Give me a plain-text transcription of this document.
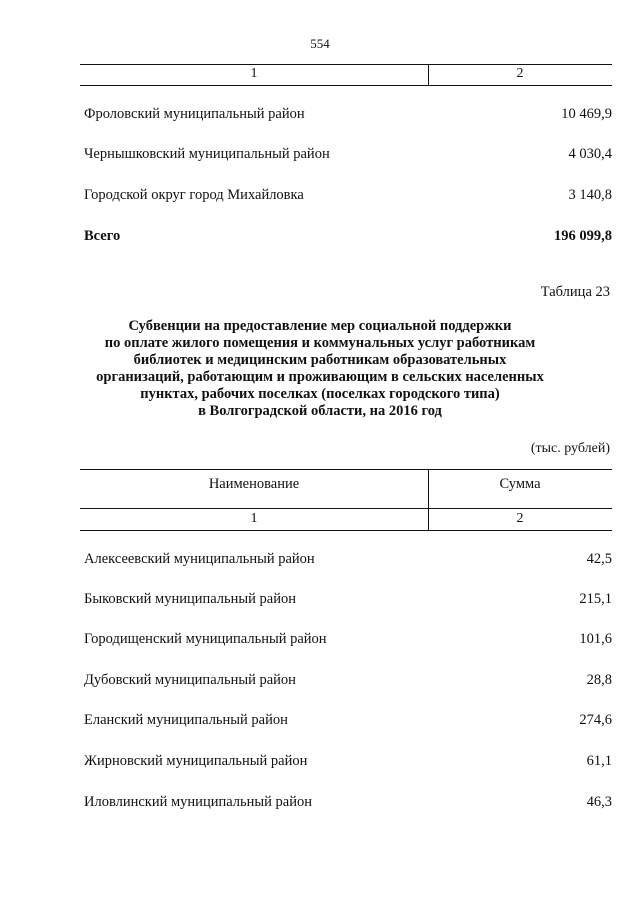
554
1	2
Фроловский муниципальный район	10 469,9
Чернышковский муниципальный район	4 030,4
Городской округ город Михайловка	3 140,8
Всего	196 099,8
Таблица 23
Субвенции на предоставление мер социальной поддержки
по оплате жилого помещения и коммунальных услуг работникам
библиотек и медицинским работникам образовательных
организаций, работающим и проживающим в сельских населенных
пунктах, рабочих поселках (поселках городского типа)
в Волгоградской области, на 2016 год
(тыс. рублей)
Наименование	Сумма
1	2
Алексеевский муниципальный район	42,5
Быковский муниципальный район	215,1
Городищенский муниципальный район	101,6
Дубовский муниципальный район	28,8
Еланский муниципальный район	274,6
Жирновский муниципальный район	61,1
Иловлинский муниципальный район	46,3
